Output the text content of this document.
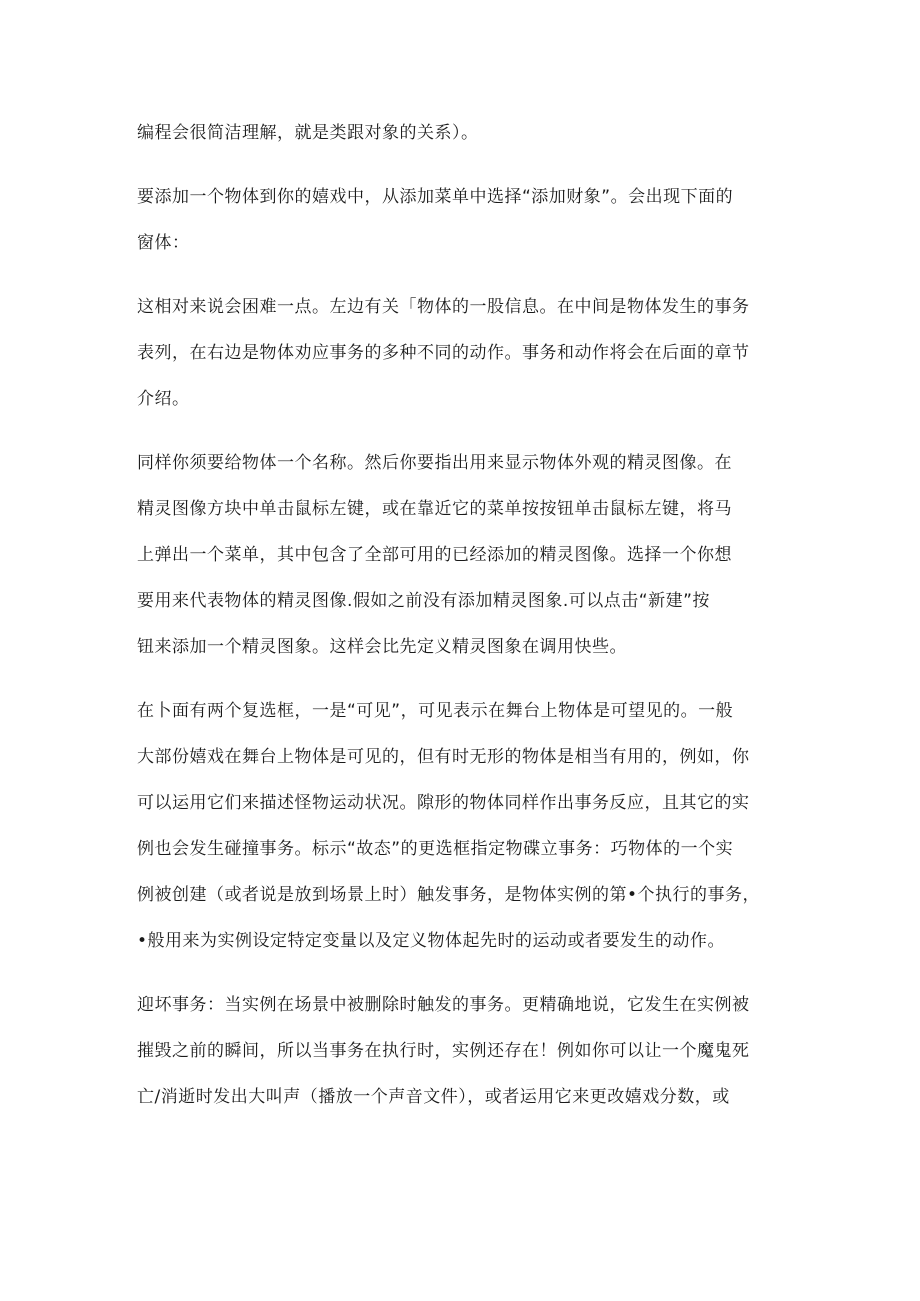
编程会很简洁理解，就是类跟对象的关系）。

要添加一个物体到你的嬉戏中，从添加菜单中选择“添加财象”。会出现下面的
窗体：

这相对来说会困难一点。左边有关「物体的一股信息。在中间是物体发生的事务
表列，在右边是物体劝应事务的多种不同的动作。事务和动作将会在后面的章节
介绍。

同样你须要给物体一个名称。然后你要指出用来显示物体外观的精灵图像。在
精灵图像方块中单击鼠标左键，或在靠近它的菜单按按钮单击鼠标左键，将马
上弹出一个菜单，其中包含了全部可用的已经添加的精灵图像。选择一个你想
要用来代表物体的精灵图像.假如之前没有添加精灵图象.可以点击“新建”按
钮来添加一个精灵图象。这样会比先定义精灵图象在调用快些。

在卜面有两个复选框，一是“可见”，可见表示在舞台上物体是可望见的。一般
大部份嬉戏在舞台上物体是可见的，但有时无形的物体是相当有用的，例如，你
可以运用它们来描述怪物运动状况。隙形的物体同样作出事务反应，且其它的实
例也会发生碰撞事务。标示“故态”的更选框指定物碟立事务：巧物体的一个实
例被创建（或者说是放到场景上时）触发事务，是物体实例的第•个执行的事务，
•般用来为实例设定特定变量以及定义物体起先时的运动或者要发生的动作。

迎坏事务：当实例在场景中被删除时触发的事务。更精确地说，它发生在实例被
摧毁之前的瞬间，所以当事务在执行时，实例还存在！例如你可以让一个魔鬼死
亡/消逝时发出大叫声（播放一个声音文件），或者运用它来更改嬉戏分数，或
